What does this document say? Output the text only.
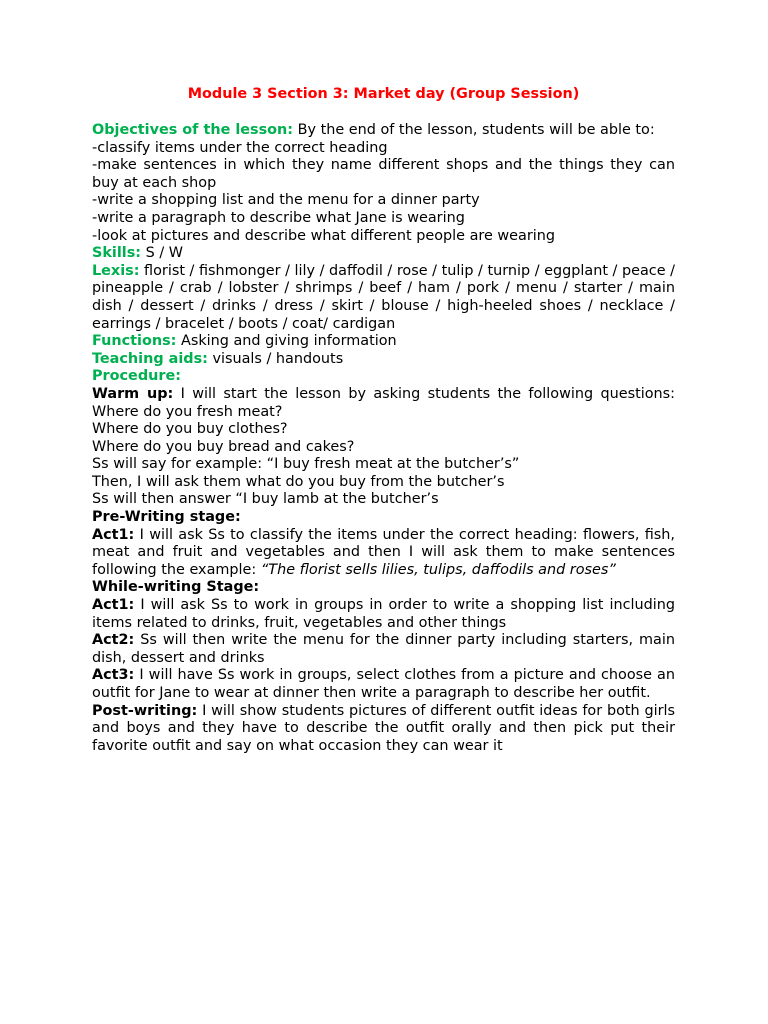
Module 3 Section 3: Market day (Group Session)

Objectives of the lesson: By the end of the lesson, students will be able to:

-classify items under the correct heading

-make sentences in which they name different shops and the things they can buy at each shop

-write a shopping list and the menu for a dinner party

-write a paragraph to describe what Jane is wearing

-look at pictures and describe what different people are wearing

Skills: S / W

Lexis: florist / fishmonger / lily / daffodil / rose / tulip / turnip / eggplant / peace / pineapple / crab / lobster / shrimps / beef / ham / pork / menu / starter / main dish / dessert / drinks / dress / skirt / blouse / high-heeled shoes / necklace / earrings / bracelet / boots / coat/ cardigan

Functions: Asking and giving information

Teaching aids: visuals / handouts

Procedure:

Warm up: I will start the lesson by asking students the following questions: Where do you fresh meat?

Where do you buy clothes?

Where do you buy bread and cakes?

Ss will say for example: “I buy fresh meat at the butcher’s”

Then, I will ask them what do you buy from the butcher’s

Ss will then answer “I buy lamb at the butcher’s

Pre-Writing stage:

Act1: I will ask Ss to classify the items under the correct heading: flowers, fish, meat and fruit and vegetables and then I will ask them to make sentences following the example: “The florist sells lilies, tulips, daffodils and roses”

While-writing Stage:

Act1: I will ask Ss to work in groups in order to write a shopping list including items related to drinks, fruit, vegetables and other things

Act2: Ss will then write the menu for the dinner party including starters, main dish, dessert and drinks

Act3: I will have Ss work in groups, select clothes from a picture and choose an outfit for Jane to wear at dinner then write a paragraph to describe her outfit.

Post-writing: I will show students pictures of different outfit ideas for both girls and boys and they have to describe the outfit orally and then pick put their favorite outfit and say on what occasion they can wear it
